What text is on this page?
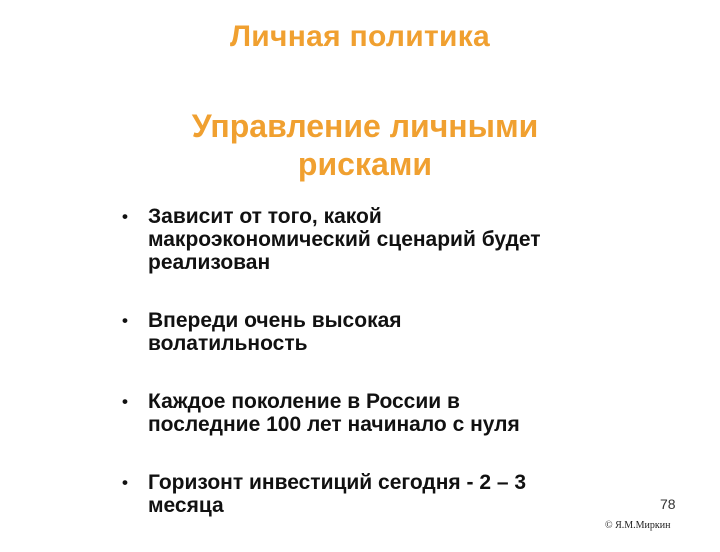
Личная политика
Управление личными
рисками
• Зависит от того, какой
макроэкономический сценарий будет
реализован
• Впереди очень высокая
волатильность
• Каждое поколение в России в
последние 100 лет начинало с нуля
• Горизонт инвестиций сегодня - 2 – 3
месяца	78
© Я.М.Миркин
